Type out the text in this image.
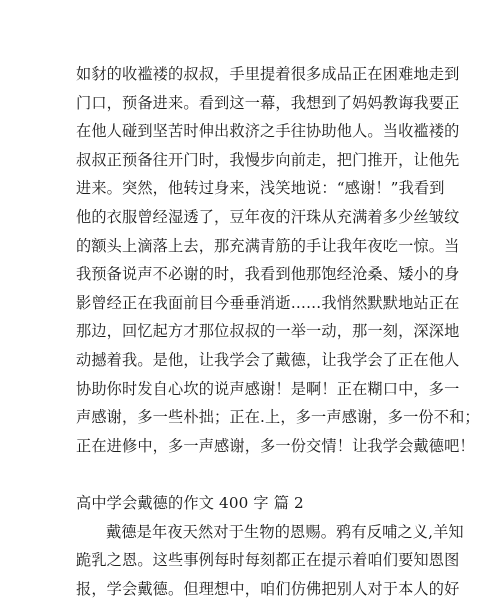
如豺的收褴褛的叔叔，手里提着很多成品正在困难地走到
门口，预备进来。看到这一幕，我想到了妈妈教诲我要正
在他人碰到坚苦时伸出救济之手往协助他人。当收褴褛的
叔叔正预备往开门时，我慢步向前走，把门推开，让他先
进来。突然，他转过身来，浅笑地说：“感谢！”我看到
他的衣服曾经湿透了，豆年夜的汗珠从充满着多少丝皱纹
的额头上滴落上去，那充满青筋的手让我年夜吃一惊。当
我预备说声不必谢的时，我看到他那饱经沧桑、矮小的身
影曾经正在我面前目今垂垂消逝……我悄然默默地站正在
那边，回忆起方才那位叔叔的一举一动，那一刻，深深地
动撼着我。是他，让我学会了戴德，让我学会了正在他人
协助你时发自心坎的说声感谢！是啊！正在糊口中，多一
声感谢，多一些朴拙；正在.上，多一声感谢，多一份不和；
正在进修中，多一声感谢，多一份交情！让我学会戴德吧！
高中学会戴德的作文 400 字 篇 2
戴德是年夜天然对于生物的恩赐。鸦有反哺之义,羊知
跪乳之恩。这些事例每时每刻都正在提示着咱们要知恩图
报，学会戴德。但理想中，咱们仿佛把别人对于本人的好
